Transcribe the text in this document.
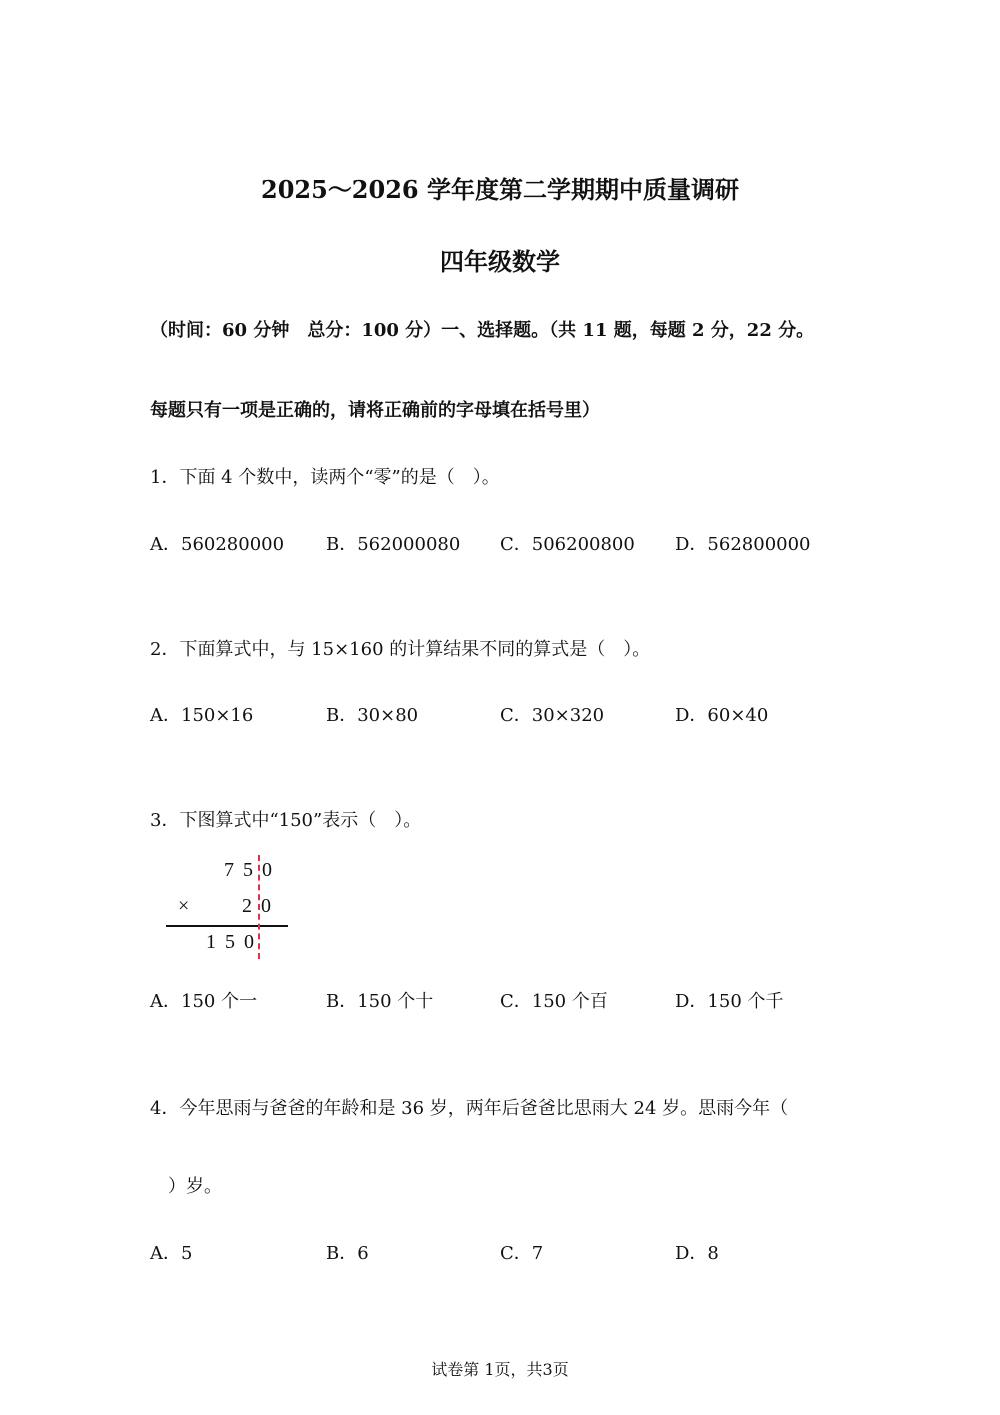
2025～2026 学年度第二学期期中质量调研
四年级数学
（时间：60 分钟　总分：100 分）一、选择题。（共 11 题，每题 2 分，22 分。
每题只有一项是正确的，请将正确前的字母填在括号里）
1．下面 4 个数中，读两个“零”的是（　）。
A．560280000 B．562000080 C．506200800 D．562800000
2．下面算式中，与 15×160 的计算结果不同的算式是（　）。
A．150×16	B．30×80	C．30×320	D．60×40
3．下图算式中“150”表示（　）。
7 5 0
×	2 0
1 5 0
A．150 个一	B．150 个十	C．150 个百	D．150 个千
4．今年思雨与爸爸的年龄和是 36 岁，两年后爸爸比思雨大 24 岁。思雨今年（
　）岁。
A．5	B．6	C．7	D．8
试卷第 1页，共3页
